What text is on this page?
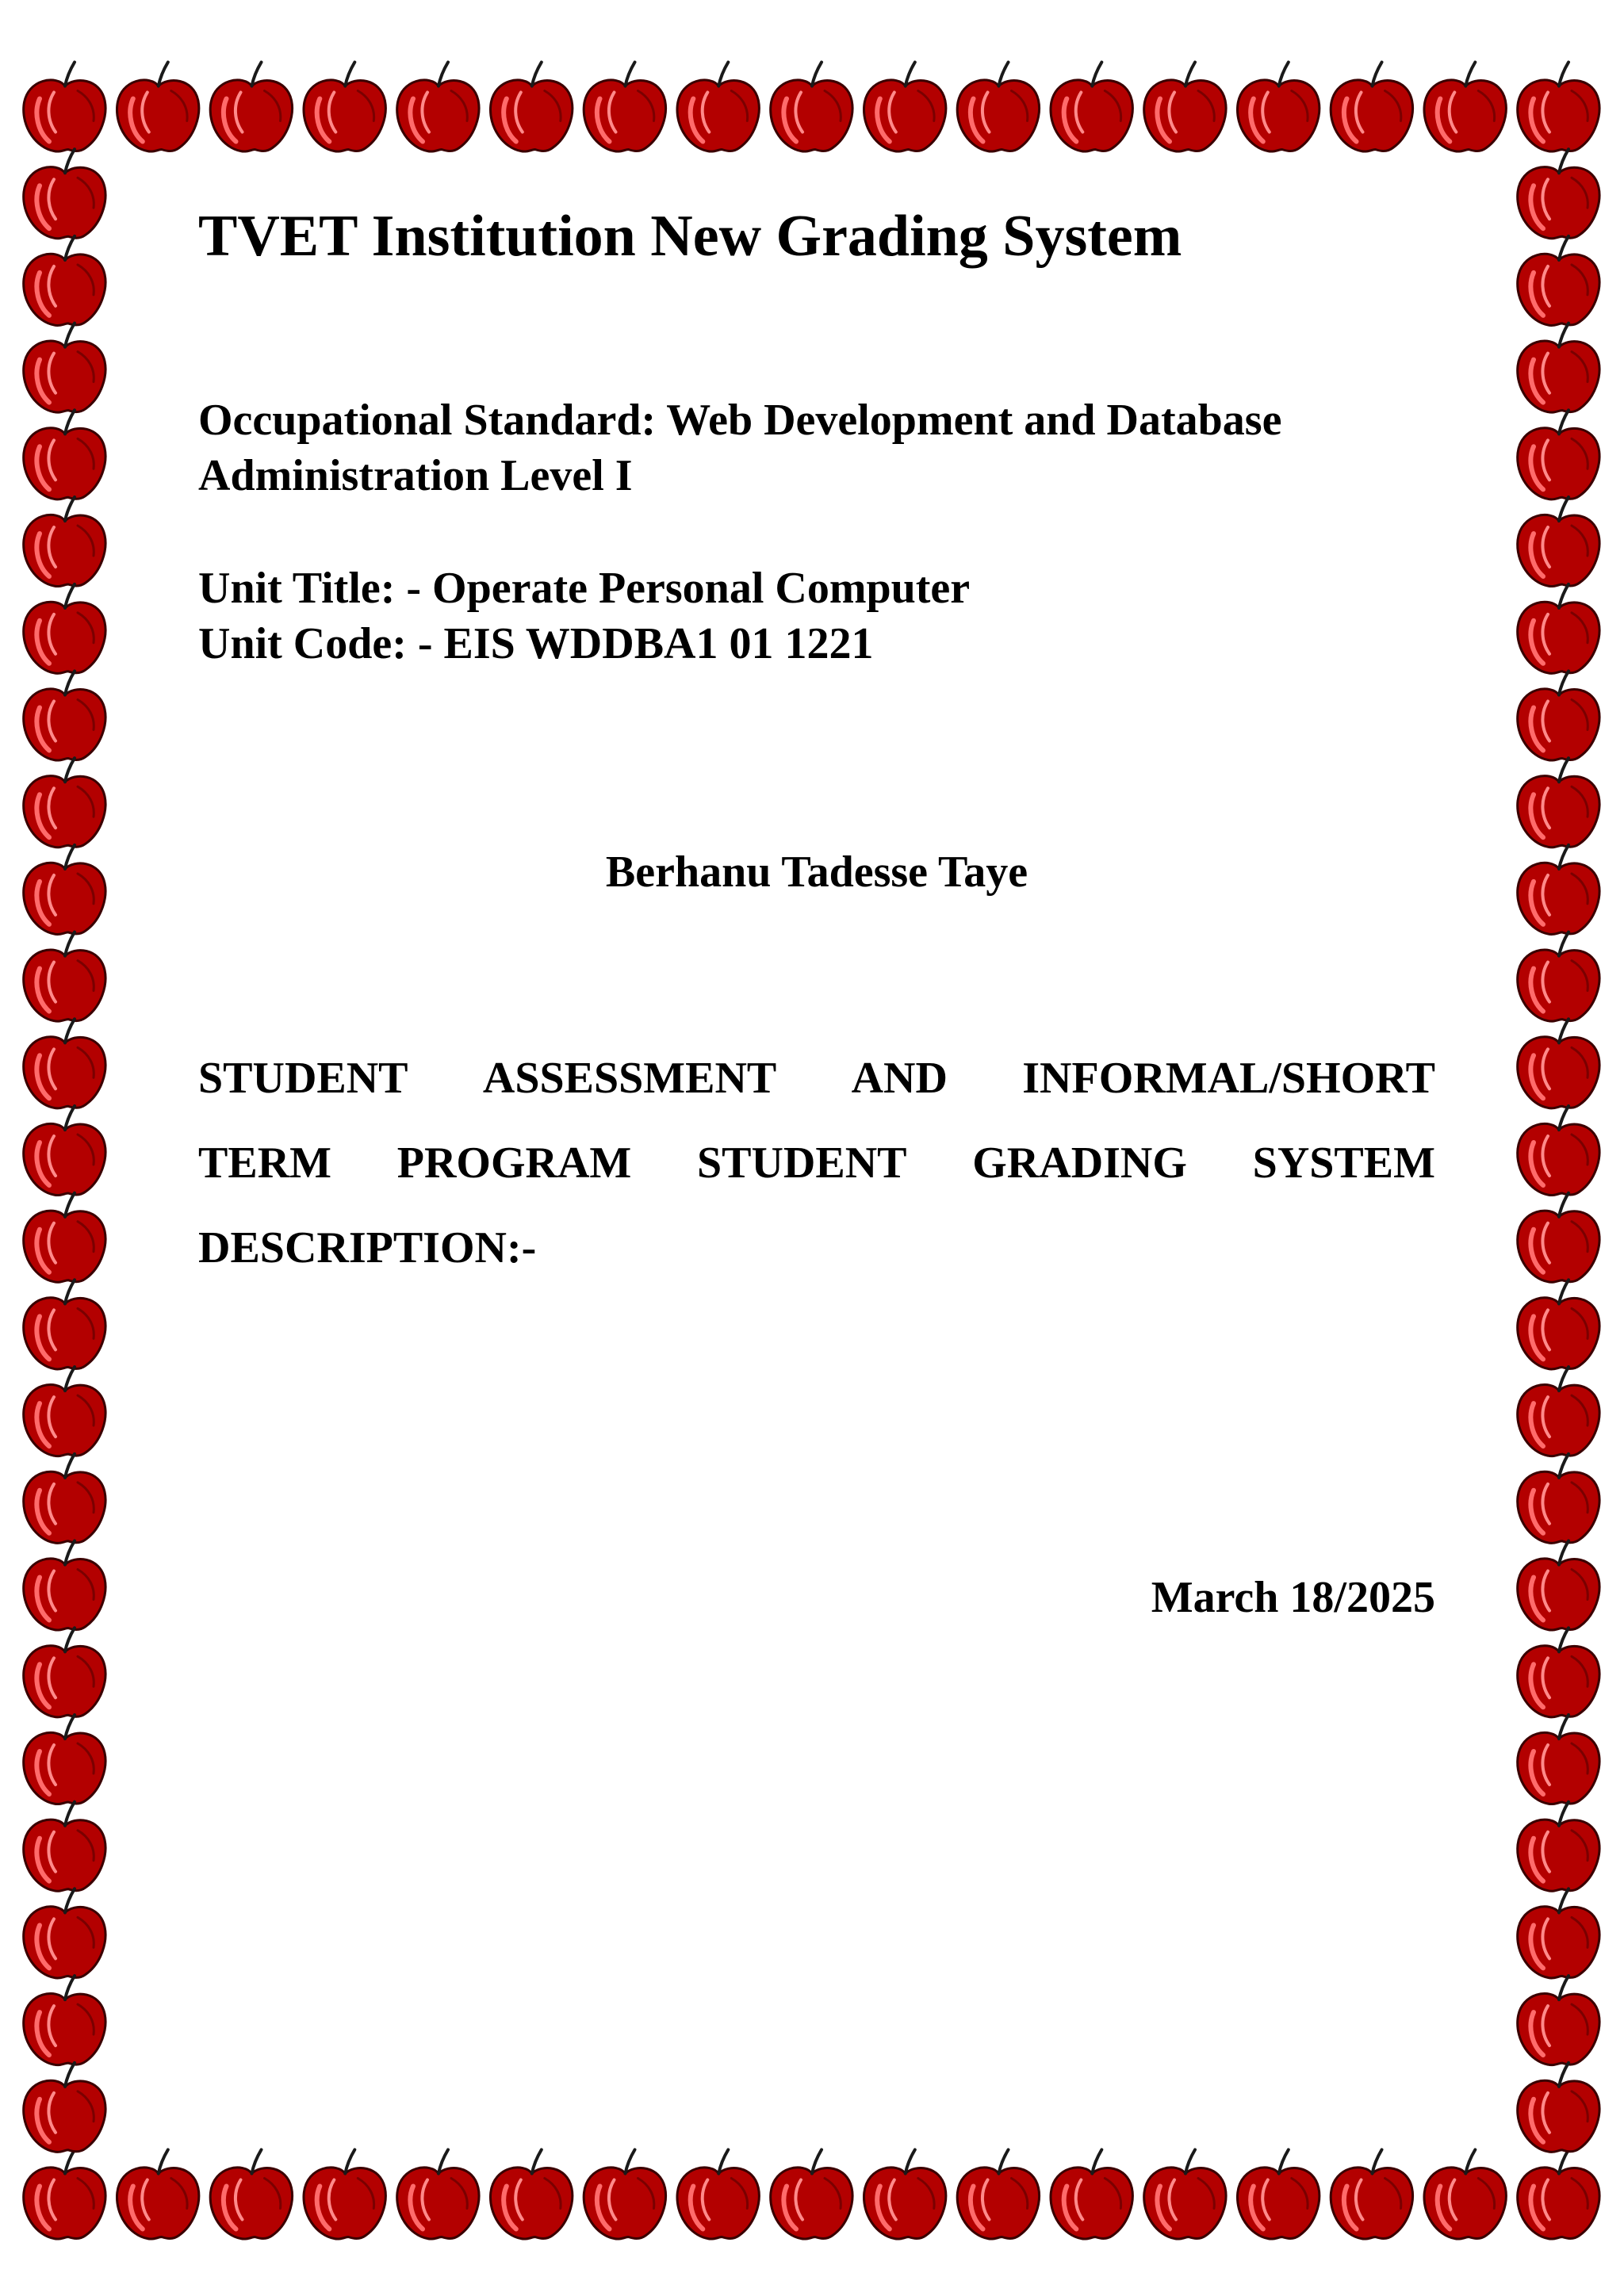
TVET Institution New Grading System

Occupational Standard: Web Development and Database

Administration Level I

Unit Title: - Operate Personal Computer

Unit Code: - EIS WDDBA1 01 1221

Berhanu Tadesse Taye

STUDENT ASSESSMENT AND INFORMAL/SHORT
TERM PROGRAM STUDENT GRADING SYSTEM

DESCRIPTION:-

March 18/2025
